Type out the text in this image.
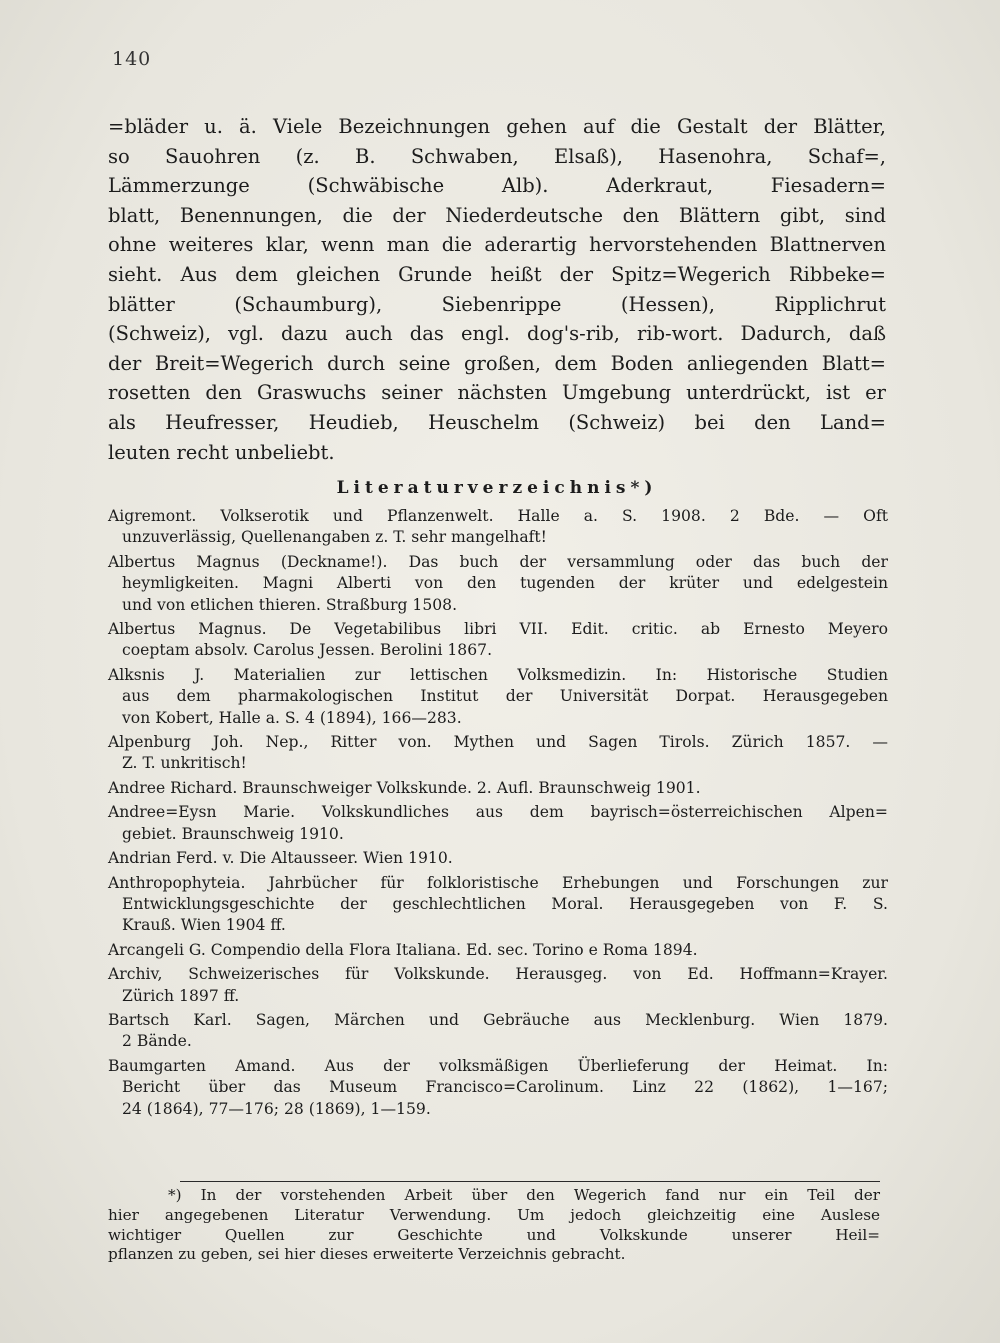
140
=bläder u. ä. Viele Bezeichnungen gehen auf die Gestalt der Blätter,
so Sauohren (z. B. Schwaben, Elsaß), Hasenohra, Schaf=,
Lämmerzunge (Schwäbische Alb). Aderkraut, Fiesadern=
blatt, Benennungen, die der Niederdeutsche den Blättern gibt, sind
ohne weiteres klar, wenn man die aderartig hervorstehenden Blattnerven
sieht. Aus dem gleichen Grunde heißt der Spitz=Wegerich Ribbeke=
blätter (Schaumburg), Siebenrippe (Hessen), Ripplichrut
(Schweiz), vgl. dazu auch das engl. dog's-rib, rib-wort. Dadurch, daß
der Breit=Wegerich durch seine großen, dem Boden anliegenden Blatt=
rosetten den Graswuchs seiner nächsten Umgebung unterdrückt, ist er
als Heufresser, Heudieb, Heuschelm (Schweiz) bei den Land=
leuten recht unbeliebt.
Literaturverzeichnis*)
Aigremont. Volkserotik und Pflanzenwelt. Halle a. S. 1908. 2 Bde. — Oft
unzuverlässig, Quellenangaben z. T. sehr mangelhaft!
Albertus Magnus (Deckname!). Das buch der versammlung oder das buch der
heymligkeiten. Magni Alberti von den tugenden der krüter und edelgestein
und von etlichen thieren. Straßburg 1508.
Albertus Magnus. De Vegetabilibus libri VII. Edit. critic. ab Ernesto Meyero
coeptam absolv. Carolus Jessen. Berolini 1867.
Alksnis J. Materialien zur lettischen Volksmedizin. In: Historische Studien
aus dem pharmakologischen Institut der Universität Dorpat. Herausgegeben
von Kobert, Halle a. S. 4 (1894), 166—283.
Alpenburg Joh. Nep., Ritter von. Mythen und Sagen Tirols. Zürich 1857. —
Z. T. unkritisch!
Andree Richard. Braunschweiger Volkskunde. 2. Aufl. Braunschweig 1901.
Andree=Eysn Marie. Volkskundliches aus dem bayrisch=österreichischen Alpen=
gebiet. Braunschweig 1910.
Andrian Ferd. v. Die Altausseer. Wien 1910.
Anthropophyteia. Jahrbücher für folkloristische Erhebungen und Forschungen zur
Entwicklungsgeschichte der geschlechtlichen Moral. Herausgegeben von F. S.
Krauß. Wien 1904 ff.
Arcangeli G. Compendio della Flora Italiana. Ed. sec. Torino e Roma 1894.
Archiv, Schweizerisches für Volkskunde. Herausgeg. von Ed. Hoffmann=Krayer.
Zürich 1897 ff.
Bartsch Karl. Sagen, Märchen und Gebräuche aus Mecklenburg. Wien 1879.
2 Bände.
Baumgarten Amand. Aus der volksmäßigen Überlieferung der Heimat. In:
Bericht über das Museum Francisco=Carolinum. Linz 22 (1862), 1—167;
24 (1864), 77—176; 28 (1869), 1—159.
*) In der vorstehenden Arbeit über den Wegerich fand nur ein Teil der
hier angegebenen Literatur Verwendung. Um jedoch gleichzeitig eine Auslese
wichtiger Quellen zur Geschichte und Volkskunde unserer Heil=
pflanzen zu geben, sei hier dieses erweiterte Verzeichnis gebracht.
